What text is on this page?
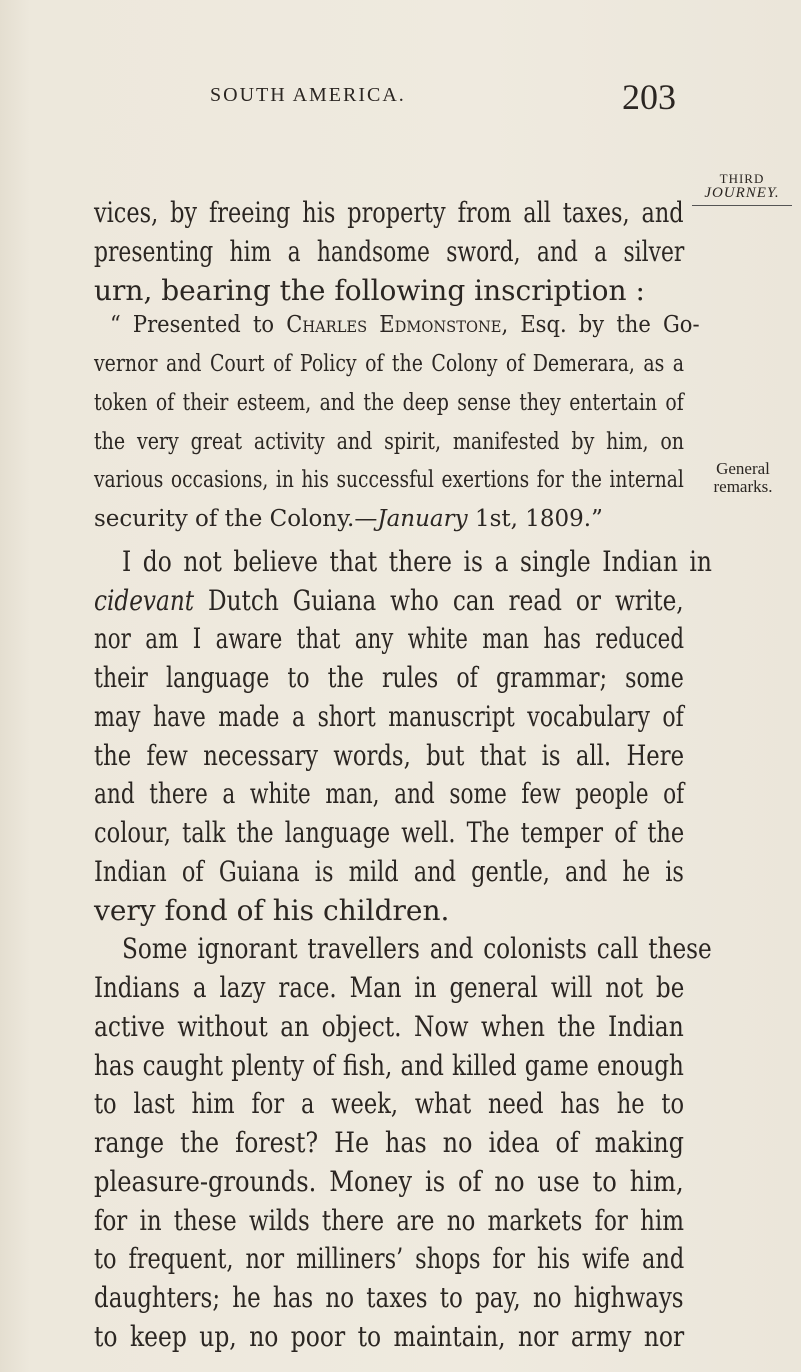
SOUTH AMERICA.	203
THIRD
JOURNEY.
General remarks.
vices, by freeing his property from all taxes, and
presenting him a handsome sword, and a silver
urn, bearing the following inscription :
“ Presented to Charles Edmonstone, Esq. by the Go-
vernor and Court of Policy of the Colony of Demerara, as a
token of their esteem, and the deep sense they entertain of
the very great activity and spirit, manifested by him, on
various occasions, in his successful exertions for the internal
security of the Colony.—January 1st, 1809.”
I do not believe that there is a single Indian in
cidevant Dutch Guiana who can read or write,
nor am I aware that any white man has reduced
their language to the rules of grammar; some
may have made a short manuscript vocabulary of
the few necessary words, but that is all. Here
and there a white man, and some few people of
colour, talk the language well. The temper of the
Indian of Guiana is mild and gentle, and he is
very fond of his children.
Some ignorant travellers and colonists call these
Indians a lazy race. Man in general will not be
active without an object. Now when the Indian
has caught plenty of fish, and killed game enough
to last him for a week, what need has he to
range the forest? He has no idea of making
pleasure-grounds. Money is of no use to him,
for in these wilds there are no markets for him
to frequent, nor milliners’ shops for his wife and
daughters; he has no taxes to pay, no highways
to keep up, no poor to maintain, nor army nor
